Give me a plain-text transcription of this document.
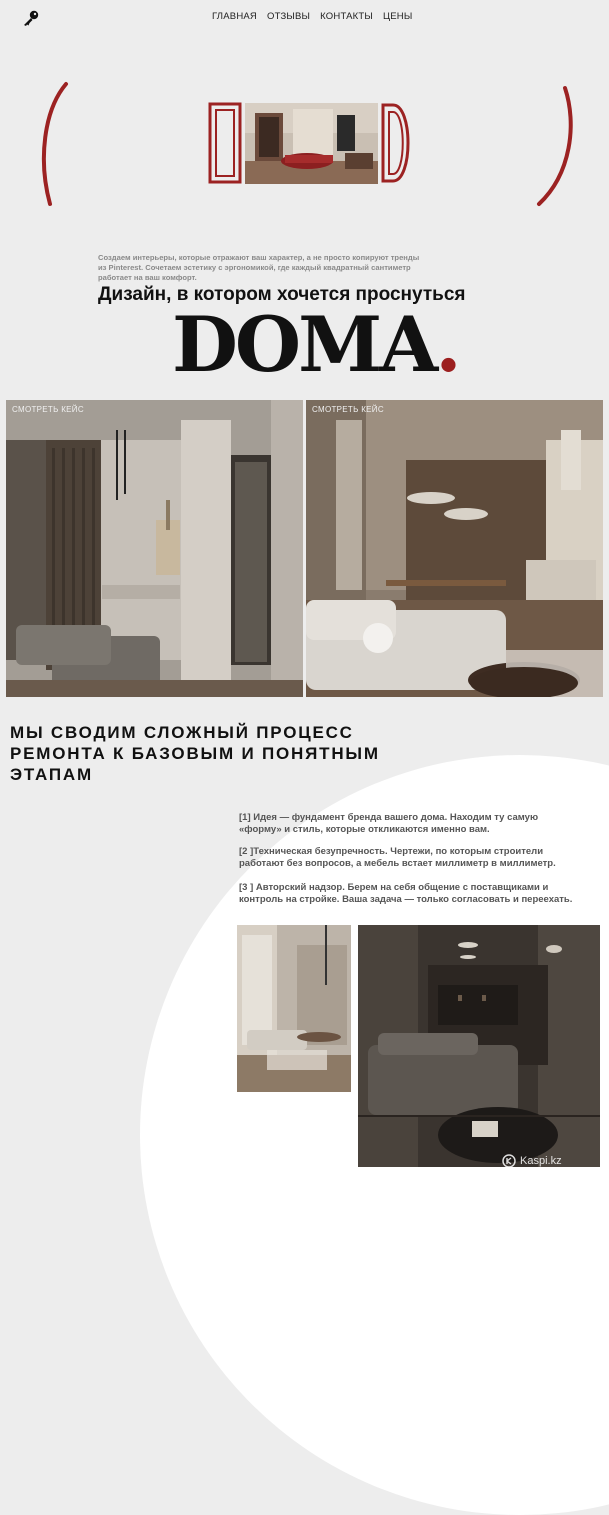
ГЛАВНАЯ ОТЗЫВЫ КОНТАКТЫ ЦЕНЫ

Создаем интерьеры, которые отражают ваш характер, а не просто копируют тренды из Pinterest. Сочетаем эстетику с эргономикой, где каждый квадратный сантиметр работает на ваш комфорт.

Дизайн, в котором хочется проснуться
DOMA.
СМОТРЕТЬ КЕЙС	СМОТРЕТЬ КЕЙС
МЫ СВОДИМ СЛОЖНЫЙ ПРОЦЕСС РЕМОНТА К БАЗОВЫМ И ПОНЯТНЫМ ЭТАПАМ

[1] Идея — фундамент бренда вашего дома. Находим ту самую «форму» и стиль, которые откликаются именно вам.

[2 ]Техническая безупречность. Чертежи, по которым строители работают без вопросов, а мебель встает миллиметр в миллиметр.

[3 ] Авторский надзор. Берем на себя общение с поставщиками и контроль на стройке. Ваша задача — только согласовать и переехать.

Kaspi.kz
